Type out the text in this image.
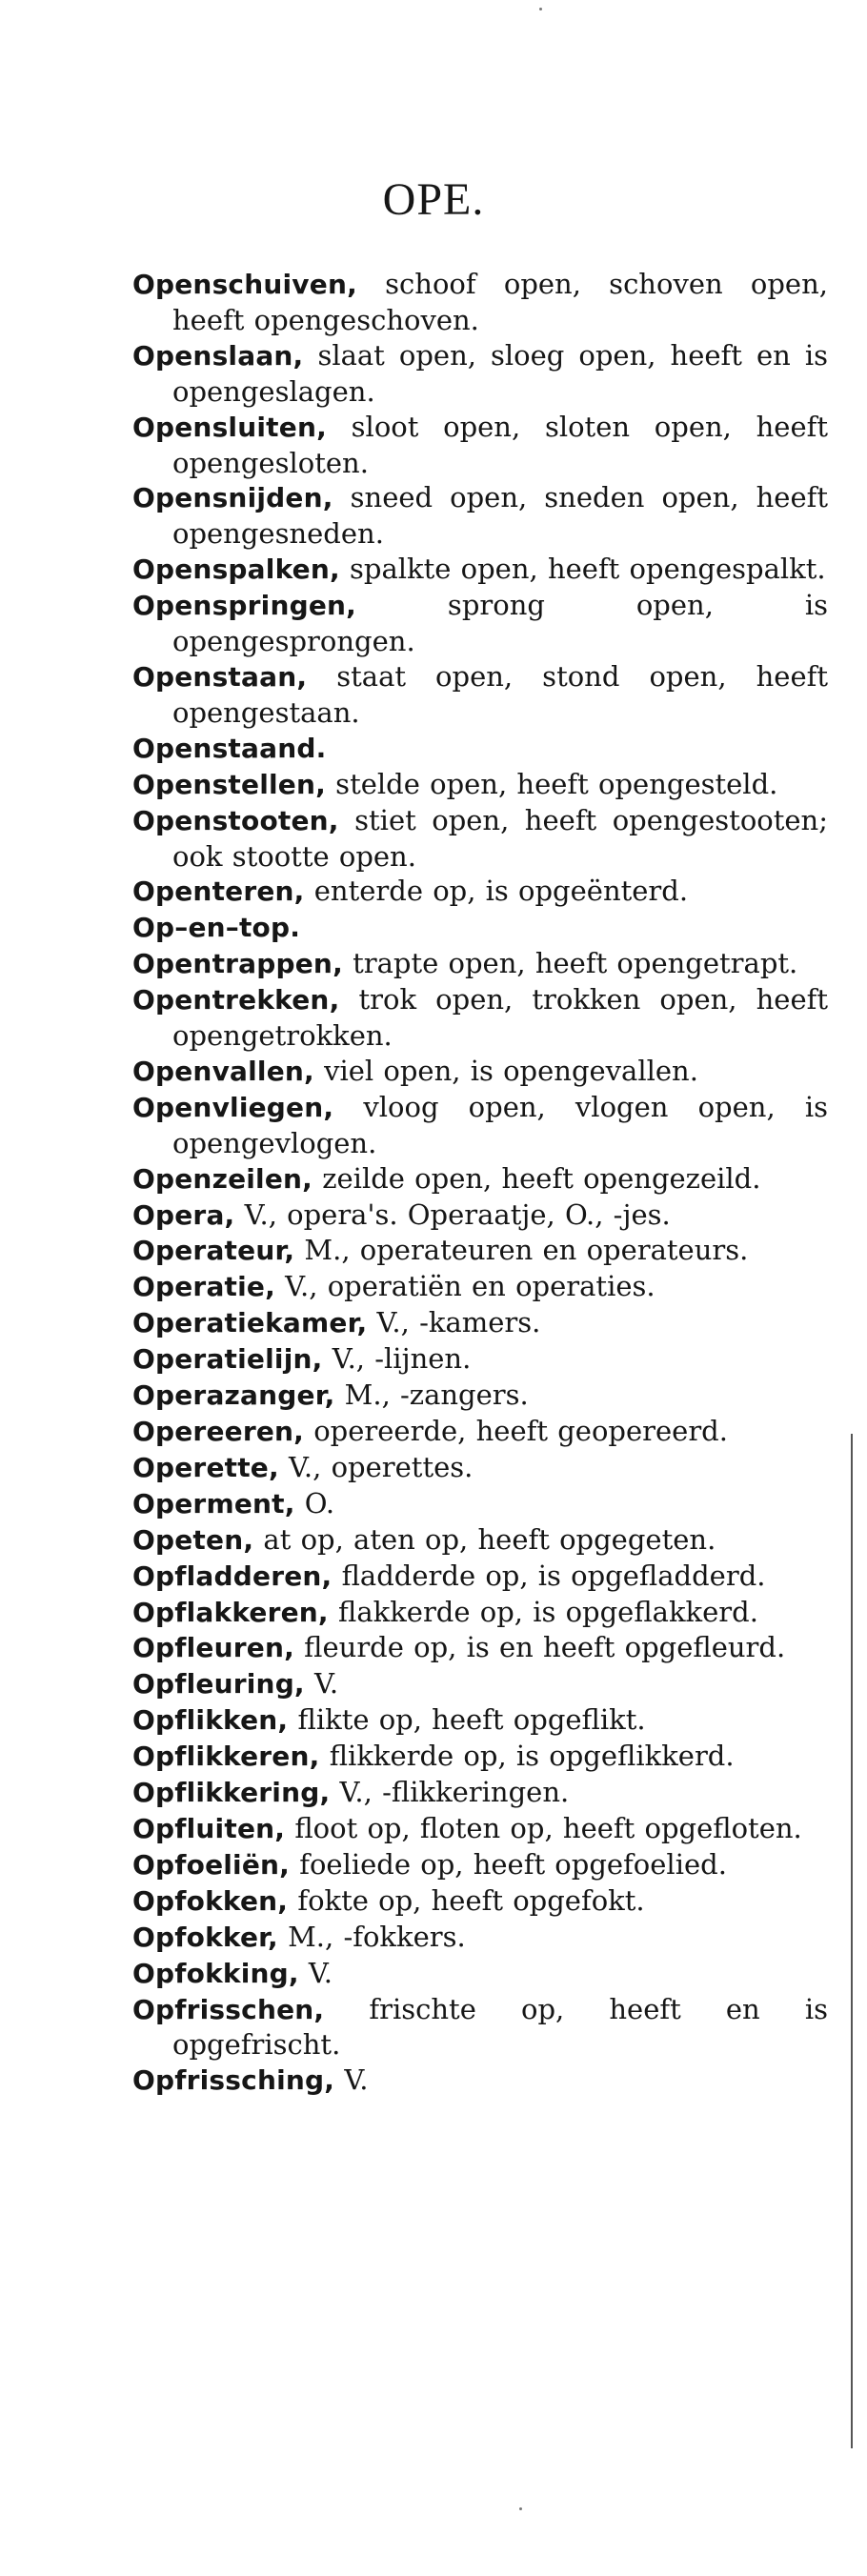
OPE.
Openschuiven, schoof open, schoven open, heeft opengeschoven.
Openslaan, slaat open, sloeg open, heeft en is opengeslagen.
Opensluiten, sloot open, sloten open, heeft opengesloten.
Opensnijden, sneed open, sneden open, heeft opengesneden.
Openspalken, spalkte open, heeft opengespalkt.
Openspringen, sprong open, is opengesprongen.
Openstaan, staat open, stond open, heeft opengestaan.
Openstaand.
Openstellen, stelde open, heeft opengesteld.
Openstooten, stiet open, heeft opengestooten; ook stootte open.
Openteren, enterde op, is opgeënterd.
Op–en–top.
Opentrappen, trapte open, heeft opengetrapt.
Opentrekken, trok open, trokken open, heeft opengetrokken.
Openvallen, viel open, is opengevallen.
Openvliegen, vloog open, vlogen open, is opengevlogen.
Openzeilen, zeilde open, heeft opengezeild.
Opera, V., opera's. Operaatje, O., -jes.
Operateur, M., operateuren en operateurs.
Operatie, V., operatiën en operaties.
Operatiekamer, V., -kamers.
Operatielijn, V., -lijnen.
Operazanger, M., -zangers.
Opereeren, opereerde, heeft geopereerd.
Operette, V., operettes.
Operment, O.
Opeten, at op, aten op, heeft opgegeten.
Opfladderen, fladderde op, is opgefladderd.
Opflakkeren, flakkerde op, is opgeflakkerd.
Opfleuren, fleurde op, is en heeft opgefleurd.
Opfleuring, V.
Opflikken, flikte op, heeft opgeflikt.
Opflikkeren, flikkerde op, is opgeflikkerd.
Opflikkering, V., -flikkeringen.
Opfluiten, floot op, floten op, heeft opgefloten.
Opfoeliën, foeliede op, heeft opgefoelied.
Opfokken, fokte op, heeft opgefokt.
Opfokker, M., -fokkers.
Opfokking, V.
Opfrisschen, frischte op, heeft en is opgefrischt.
Opfrissching, V.
